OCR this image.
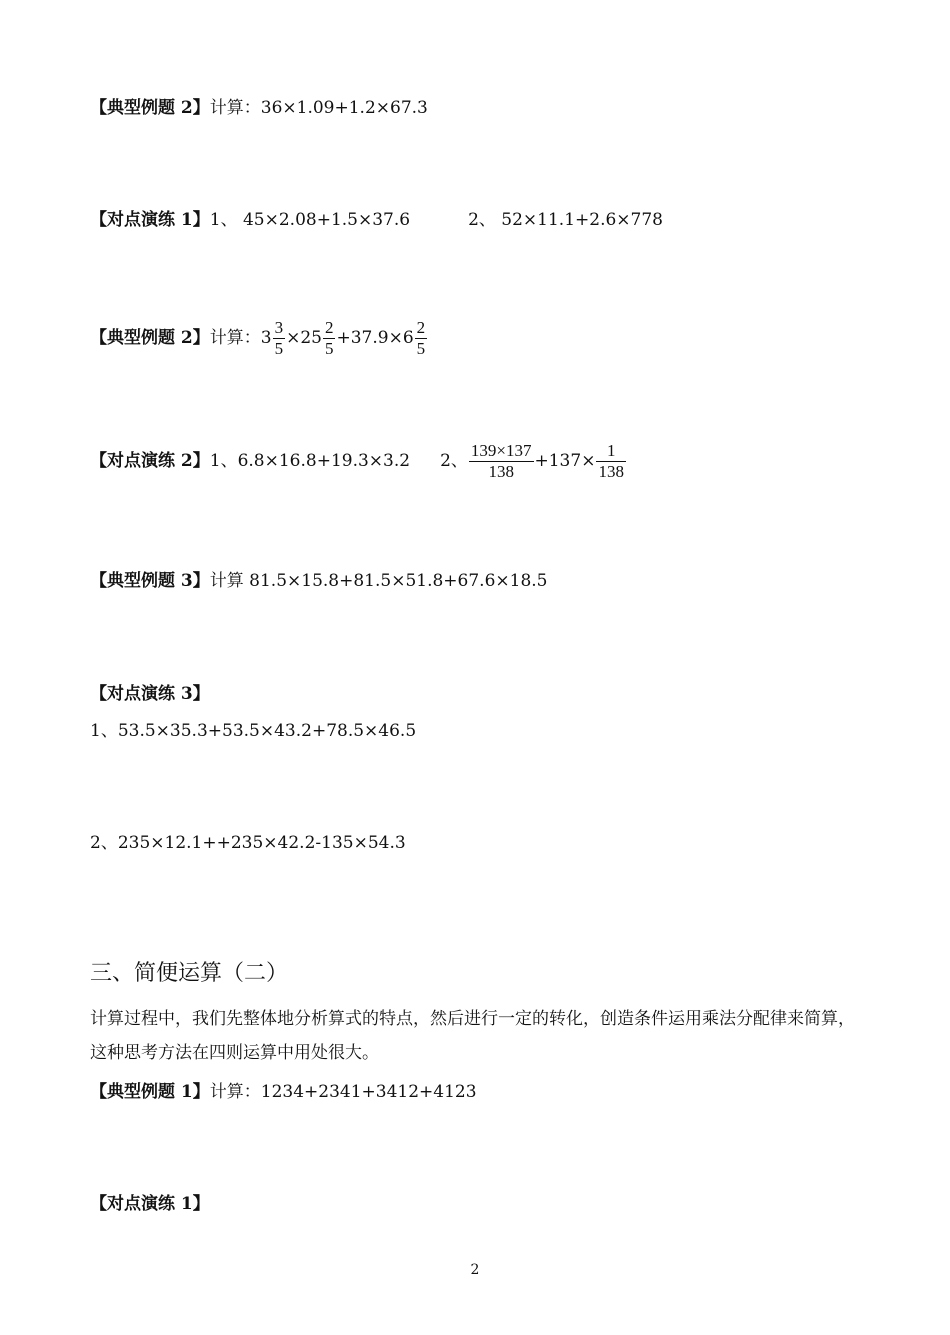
【典型例题 2】计算：36×1.09+1.2×67.3
【对点演练 1】1、 45×2.08+1.5×37.6	2、 52×11.1+2.6×778
【典型例题 2】计算：$3 \frac{3}{5} \times 25 \frac{2}{5} +37.9\times 6 \frac{2}{5}$
【对点演练 2】1、6.8×16.8+19.3×3.2 2、 $\frac{139\times 137}{138} +137\times \frac{1}{138}$
【典型例题 3】计算 81.5×15.8+81.5×51.8+67.6×18.5
【对点演练 3】
1、53.5×35.3+53.5×43.2+78.5×46.5
2、235×12.1++235×42.2-135×54.3
三、简便运算（二）
计算过程中，我们先整体地分析算式的特点，然后进行一定的转化，创造条件运用乘法分配律来简算，这种思考方法在四则运算中用处很大。
【典型例题 1】计算：1234+2341+3412+4123
【对点演练 1】
2
